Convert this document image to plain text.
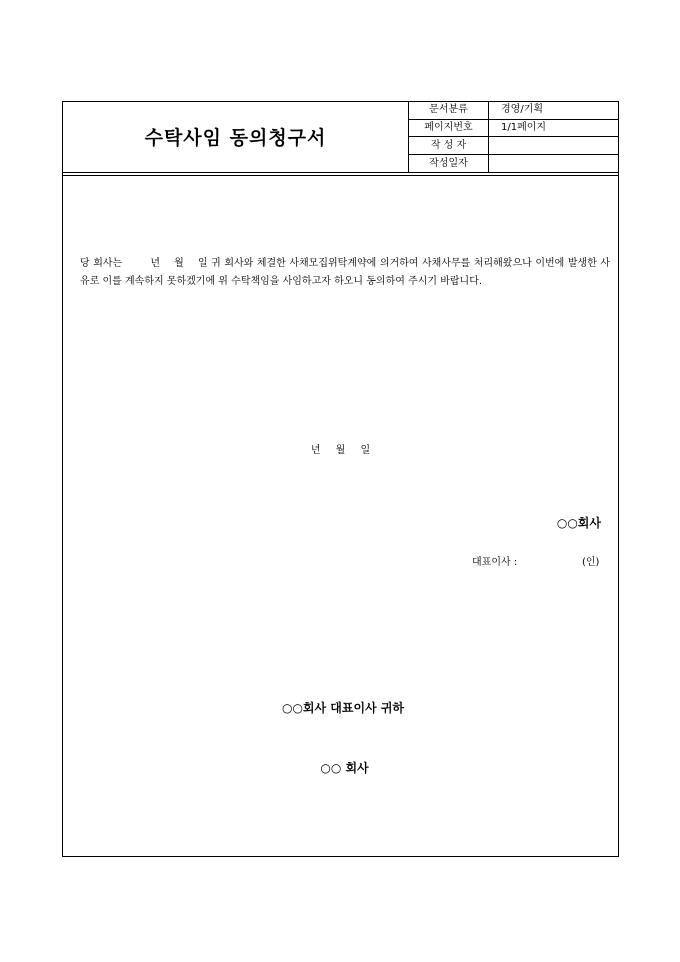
수탁사임 동의청구서
문서분류	경영/기획
페이지번호	1/1페이지
작 성 자	
작성일자	

당 회사는        년    월    일 귀 회사와 체결한 사채모집위탁계약에 의거하여 사채사무를 처리해왔으나 이번에 발생한 사유로 이를 계속하지 못하겠기에 위 수탁책임을 사임하고자 하오니 동의하여 주시기 바랍니다.

년 월 일
○○회사
대표이사 :	(인)
○○회사 대표이사 귀하
○○ 회사
